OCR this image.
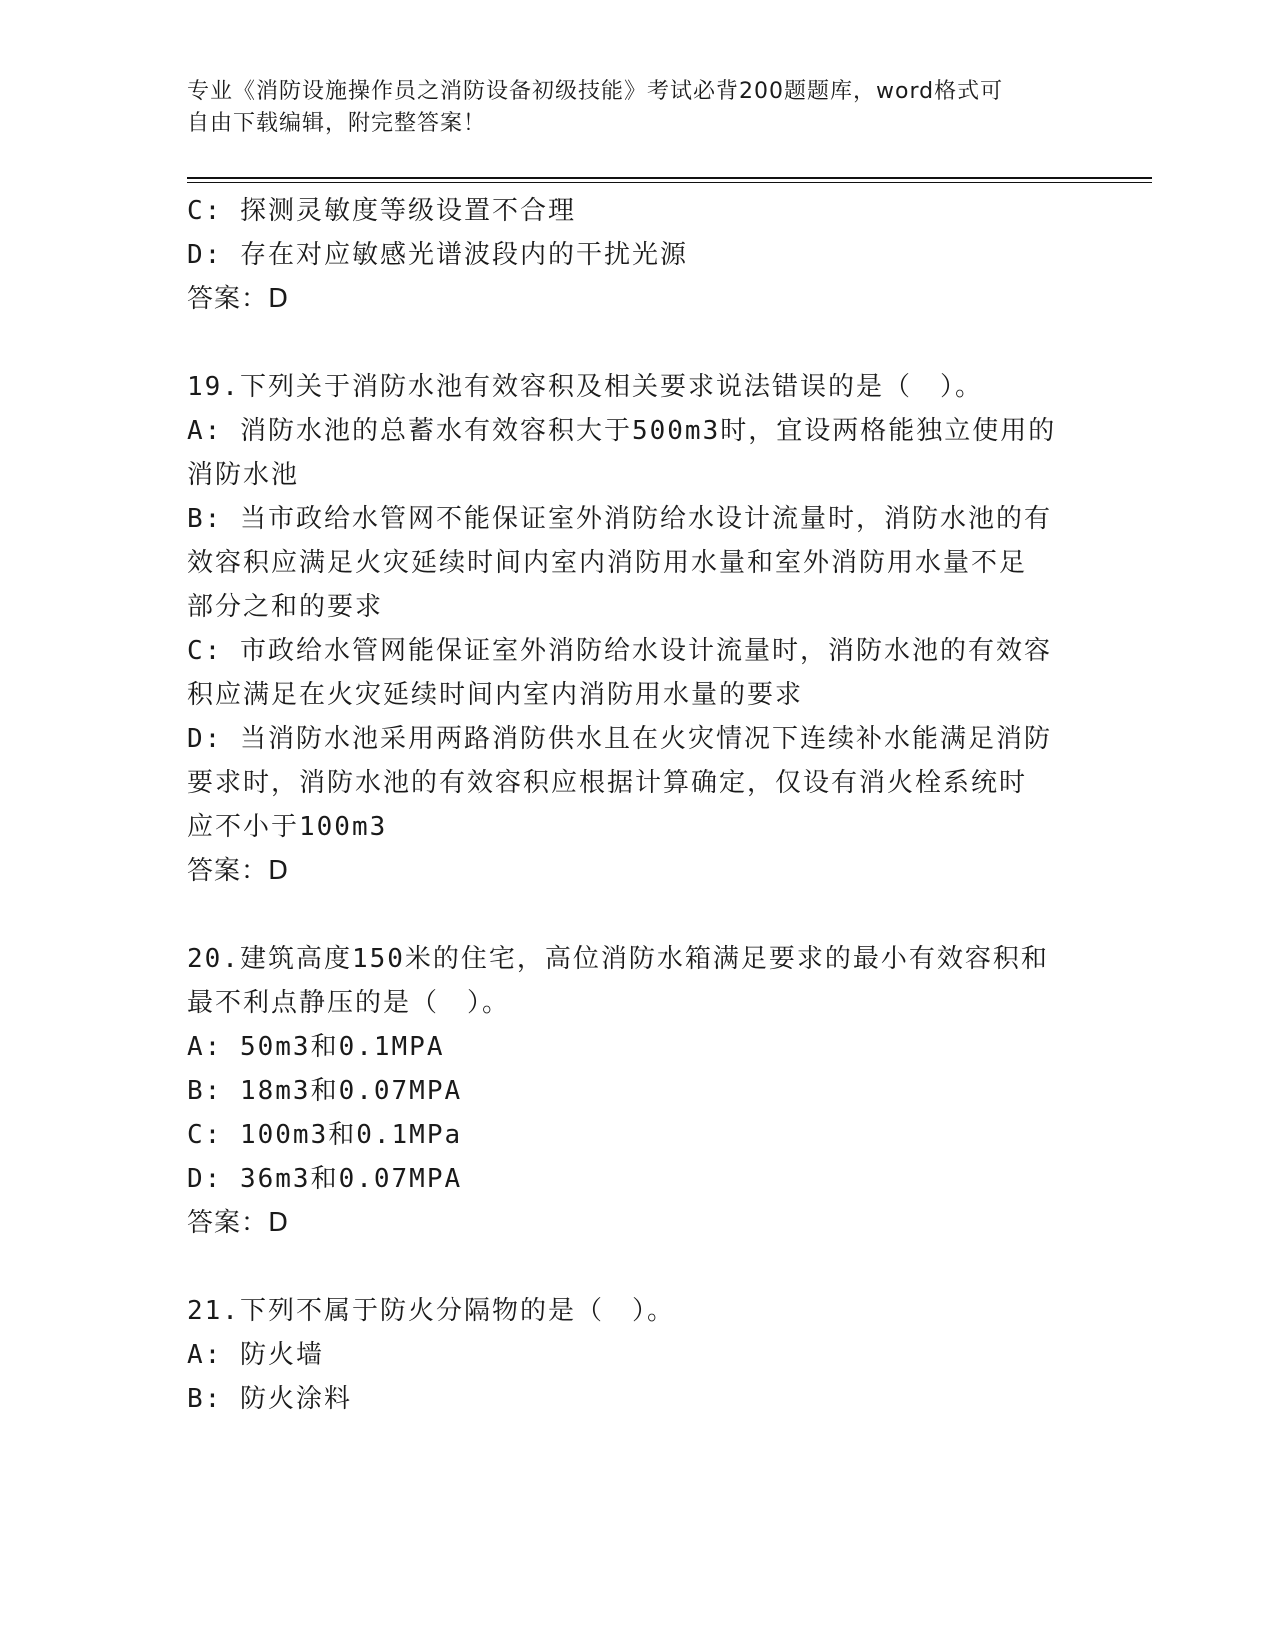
专业《消防设施操作员之消防设备初级技能》考试必背200题题库，word格式可
自由下载编辑，附完整答案！
C: 探测灵敏度等级设置不合理
D: 存在对应敏感光谱波段内的干扰光源
答案：D
19.下列关于消防水池有效容积及相关要求说法错误的是（　）。
A: 消防水池的总蓄水有效容积大于500m3时，宜设两格能独立使用的
消防水池
B: 当市政给水管网不能保证室外消防给水设计流量时，消防水池的有
效容积应满足火灾延续时间内室内消防用水量和室外消防用水量不足
部分之和的要求
C: 市政给水管网能保证室外消防给水设计流量时，消防水池的有效容
积应满足在火灾延续时间内室内消防用水量的要求
D: 当消防水池采用两路消防供水且在火灾情况下连续补水能满足消防
要求时，消防水池的有效容积应根据计算确定，仅设有消火栓系统时
应不小于100m3
答案：D
20.建筑高度150米的住宅，高位消防水箱满足要求的最小有效容积和
最不利点静压的是（　）。
A: 50m3和0.1MPA
B: 18m3和0.07MPA
C: 100m3和0.1MPa
D: 36m3和0.07MPA
答案：D
21.下列不属于防火分隔物的是（　）。
A: 防火墙
B: 防火涂料
